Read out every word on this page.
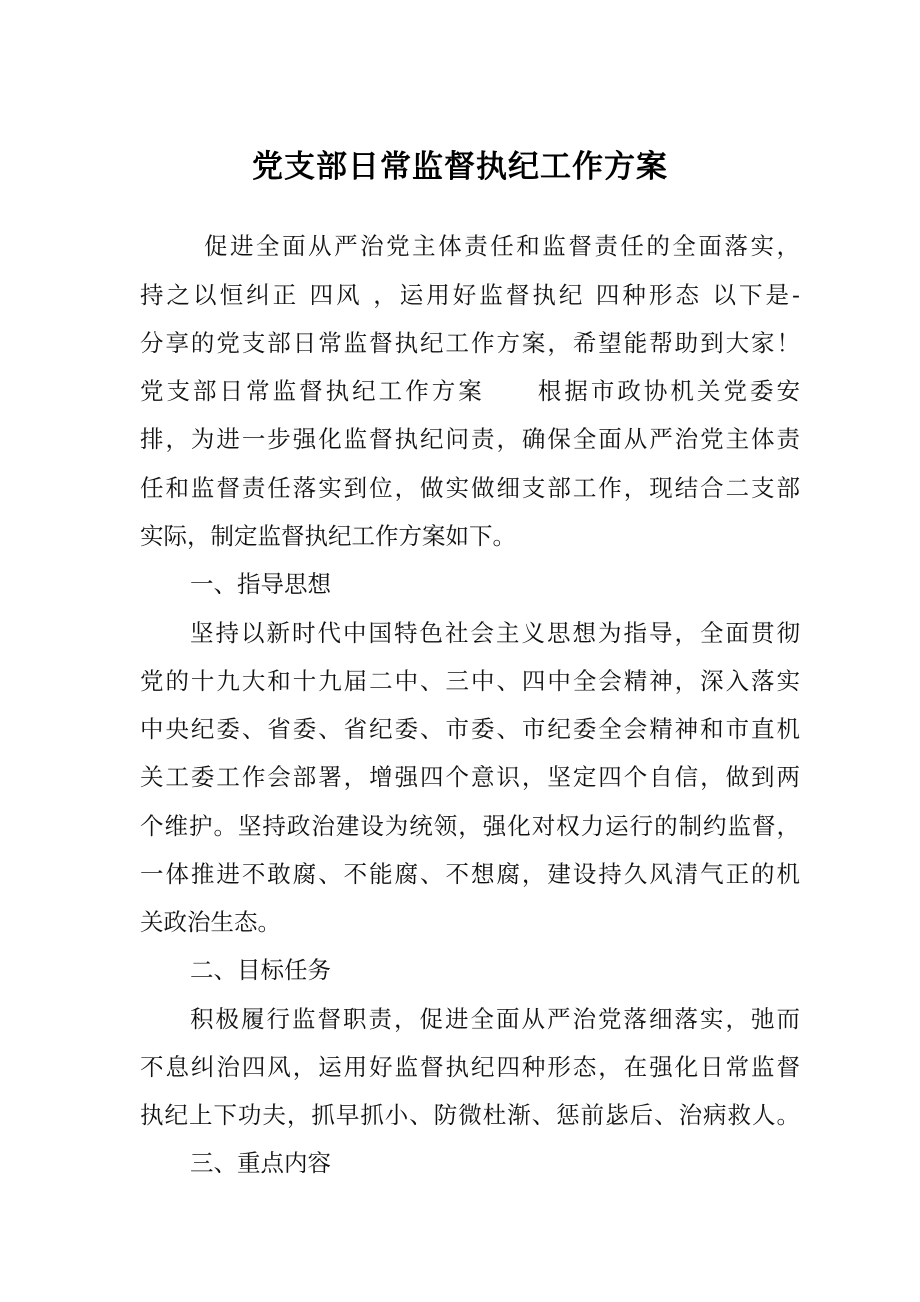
党支部日常监督执纪工作方案
促进全面从严治党主体责任和监督责任的全面落实，
持之以恒纠正 四风 ，运用好监督执纪 四种形态 以下是-
分享的党支部日常监督执纪工作方案，希望能帮助到大家！
党支部日常监督执纪工作方案　　根据市政协机关党委安
排，为进一步强化监督执纪问责，确保全面从严治党主体责
任和监督责任落实到位，做实做细支部工作，现结合二支部
实际，制定监督执纪工作方案如下。
一、指导思想
坚持以新时代中国特色社会主义思想为指导，全面贯彻
党的十九大和十九届二中、三中、四中全会精神，深入落实
中央纪委、省委、省纪委、市委、市纪委全会精神和市直机
关工委工作会部署，增强四个意识，坚定四个自信，做到两
个维护。坚持政治建设为统领，强化对权力运行的制约监督，
一体推进不敢腐、不能腐、不想腐，建设持久风清气正的机
关政治生态。
二、目标任务
积极履行监督职责，促进全面从严治党落细落实，弛而
不息纠治四风，运用好监督执纪四种形态，在强化日常监督
执纪上下功夫，抓早抓小、防微杜渐、惩前毖后、治病救人。
三、重点内容
